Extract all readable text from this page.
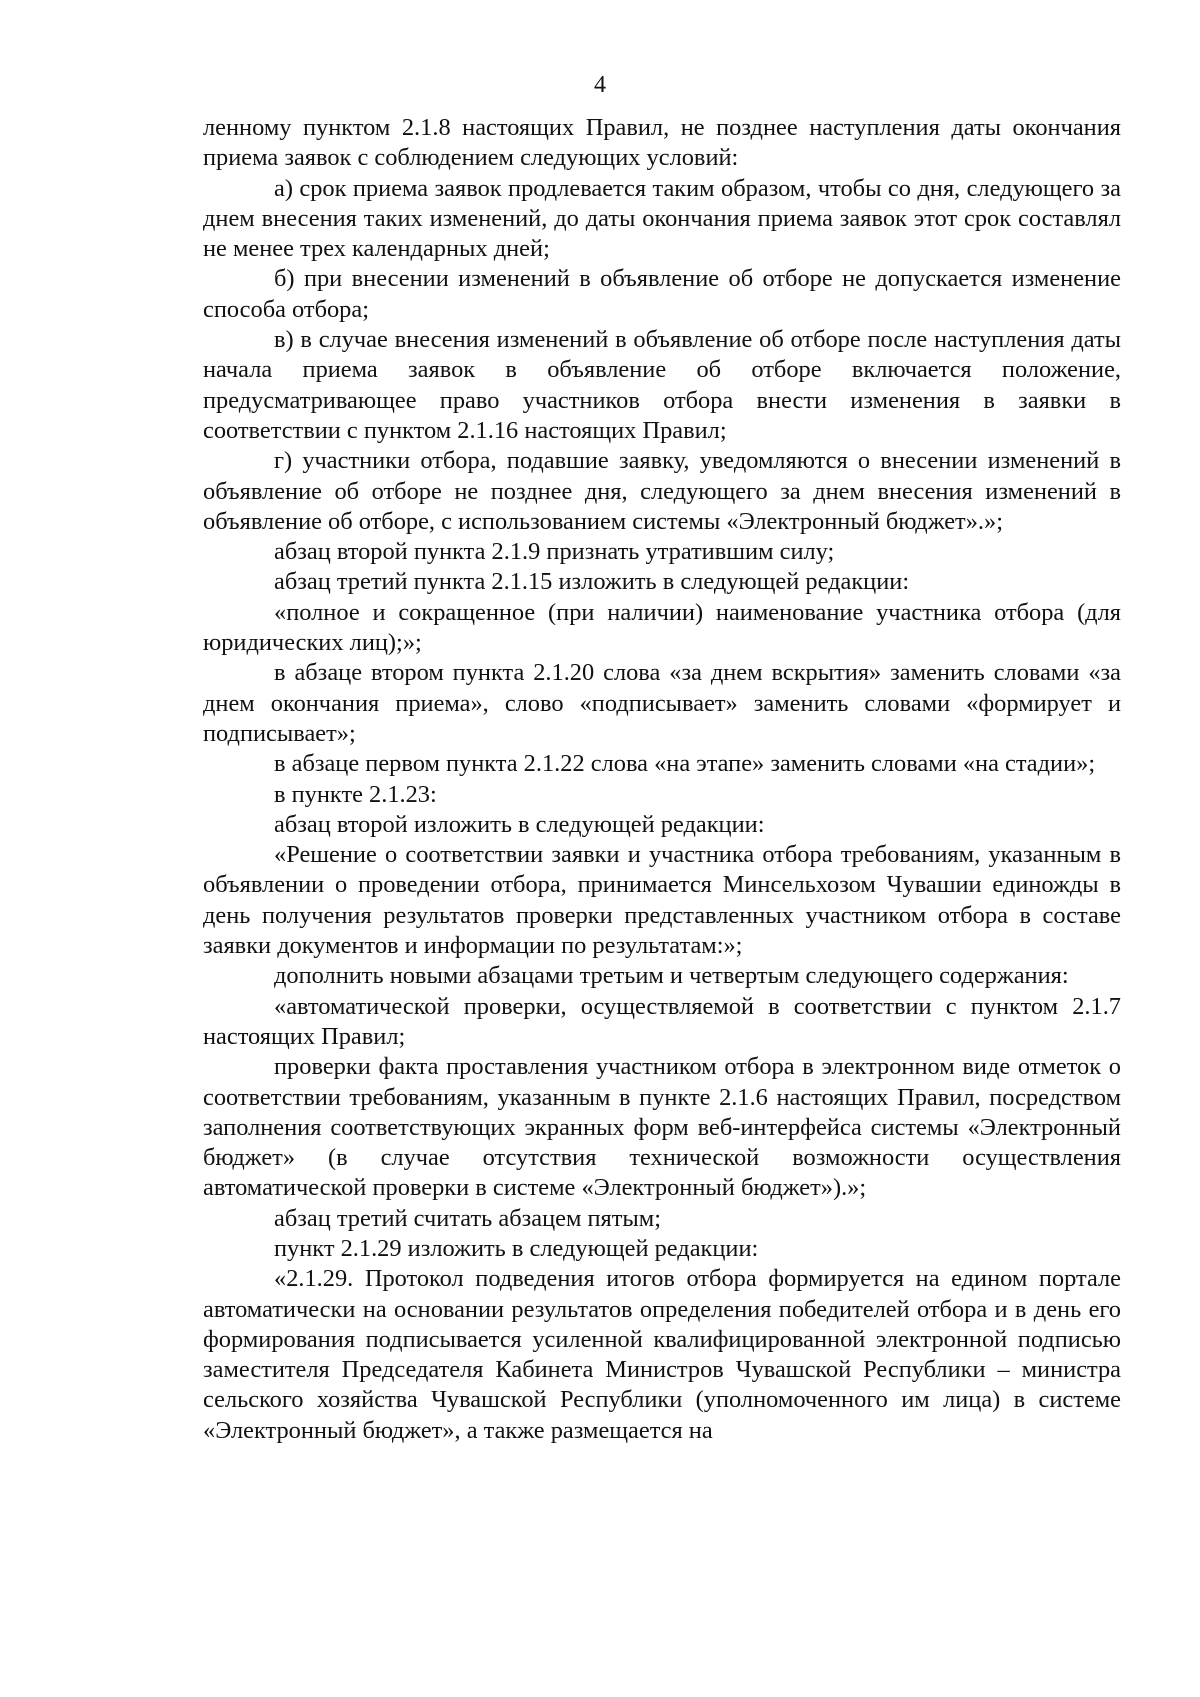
4

ленному пунктом 2.1.8 настоящих Правил, не позднее наступления даты окончания приема заявок с соблюдением следующих условий:

а) срок приема заявок продлевается таким образом, чтобы со дня, следующего за днем внесения таких изменений, до даты окончания приема заявок этот срок составлял не менее трех календарных дней;

б) при внесении изменений в объявление об отборе не допускается изменение способа отбора;

в) в случае внесения изменений в объявление об отборе после наступления даты начала приема заявок в объявление об отборе включается положение, предусматривающее право участников отбора внести изменения в заявки в соответствии с пунктом 2.1.16 настоящих Правил;

г) участники отбора, подавшие заявку, уведомляются о внесении изменений в объявление об отборе не позднее дня, следующего за днем внесения изменений в объявление об отборе, с использованием системы «Электронный бюджет».»;

абзац второй пункта 2.1.9 признать утратившим силу;

абзац третий пункта 2.1.15 изложить в следующей редакции:

«полное и сокращенное (при наличии) наименование участника отбора (для юридических лиц);»;

в абзаце втором пункта 2.1.20 слова «за днем вскрытия» заменить словами «за днем окончания приема», слово «подписывает» заменить словами «формирует и подписывает»;

в абзаце первом пункта 2.1.22 слова «на этапе» заменить словами «на стадии»;

в пункте 2.1.23:

абзац второй изложить в следующей редакции:

«Решение о соответствии заявки и участника отбора требованиям, указанным в объявлении о проведении отбора, принимается Минсельхозом Чувашии единожды в день получения результатов проверки представленных участником отбора в составе заявки документов и информации по результатам:»;

дополнить новыми абзацами третьим и четвертым следующего содержания:

«автоматической проверки, осуществляемой в соответствии с пунктом 2.1.7 настоящих Правил;

проверки факта проставления участником отбора в электронном виде отметок о соответствии требованиям, указанным в пункте 2.1.6 настоящих Правил, посредством заполнения соответствующих экранных форм веб-интерфейса системы «Электронный бюджет» (в случае отсутствия технической возможности осуществления автоматической проверки в системе «Электронный бюджет»).»;

абзац третий считать абзацем пятым;

пункт 2.1.29 изложить в следующей редакции:

«2.1.29. Протокол подведения итогов отбора формируется на едином портале автоматически на основании результатов определения победителей отбора и в день его формирования подписывается усиленной квалифицированной электронной подписью заместителя Председателя Кабинета Министров Чувашской Республики – министра сельского хозяйства Чувашской Республики (уполномоченного им лица) в системе «Электронный бюджет», а также размещается на
